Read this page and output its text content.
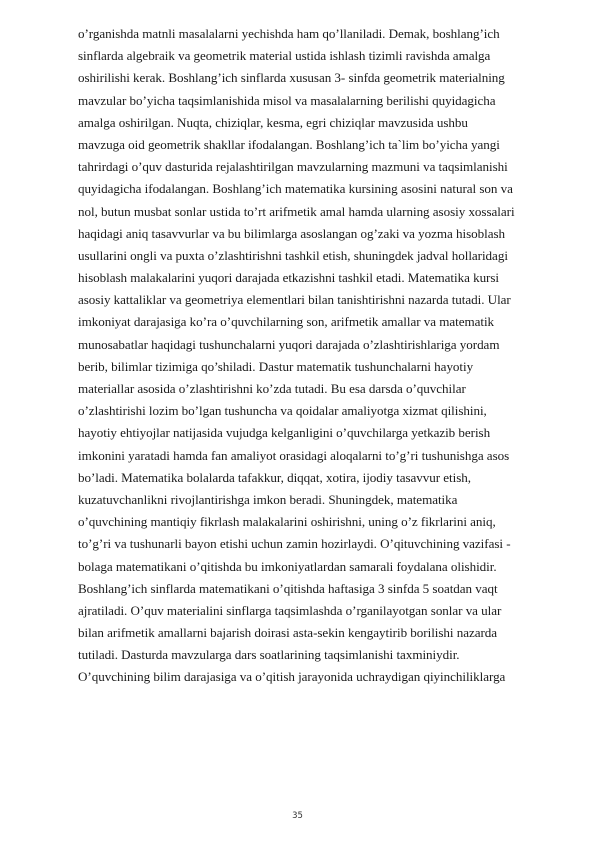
o’rganishda matnli masalalarni yechishda ham qo’llaniladi. Demak, boshlang’ich
sinflarda algebraik va geometrik material ustida ishlash tizimli ravishda amalga
oshirilishi kerak. Boshlang’ich sinflarda xususan 3- sinfda geometrik materialning
mavzular bo’yicha taqsimlanishida misol va masalalarning berilishi quyidagicha
amalga oshirilgan. Nuqta, chiziqlar, kesma, egri chiziqlar mavzusida ushbu
mavzuga oid geometrik shakllar ifodalangan. Boshlang’ich ta`lim bo’yicha yangi
tahrirdagi o’quv dasturida rejalashtirilgan mavzularning mazmuni va taqsimlanishi
quyidagicha ifodalangan. Boshlang’ich matematika kursining asosini natural son va
nol, butun musbat sonlar ustida to’rt arifmetik amal hamda ularning asosiy xossalari
haqidagi aniq tasavvurlar va bu bilimlarga asoslangan og’zaki va yozma hisoblash
usullarini ongli va puxta o’zlashtirishni tashkil etish, shuningdek jadval hollaridagi
hisoblash malakalarini yuqori darajada etkazishni tashkil etadi. Matematika kursi
asosiy kattaliklar va geometriya elementlari bilan tanishtirishni nazarda tutadi. Ular
imkoniyat darajasiga ko’ra o’quvchilarning son, arifmetik amallar va matematik
munosabatlar haqidagi tushunchalarni yuqori darajada o’zlashtirishlariga yordam
berib, bilimlar tizimiga qo’shiladi. Dastur matematik tushunchalarni hayotiy
materiallar asosida o’zlashtirishni ko’zda tutadi. Bu esa darsda o’quvchilar
o’zlashtirishi lozim bo’lgan tushuncha va qoidalar amaliyotga xizmat qilishini,
hayotiy ehtiyojlar natijasida vujudga kelganligini o’quvchilarga yetkazib berish
imkonini yaratadi hamda fan amaliyot orasidagi aloqalarni to’g’ri tushunishga asos
bo’ladi. Matematika bolalarda tafakkur, diqqat, xotira, ijodiy tasavvur etish,
kuzatuvchanlikni rivojlantirishga imkon beradi. Shuningdek, matematika
o’quvchining mantiqiy fikrlash malakalarini oshirishni, uning o’z fikrlarini aniq,
to’g’ri va tushunarli bayon etishi uchun zamin hozirlaydi. O’qituvchining vazifasi -
bolaga matematikani o’qitishda bu imkoniyatlardan samarali foydalana olishidir.
Boshlang’ich sinflarda matematikani o’qitishda haftasiga 3 sinfda 5 soatdan vaqt
ajratiladi. O’quv materialini sinflarga taqsimlashda o’rganilayotgan sonlar va ular
bilan arifmetik amallarni bajarish doirasi asta-sekin kengaytirib borilishi nazarda
tutiladi. Dasturda mavzularga dars soatlarining taqsimlanishi taxminiydir.
O’quvchining bilim darajasiga va o’qitish jarayonida uchraydigan qiyinchiliklarga
35
